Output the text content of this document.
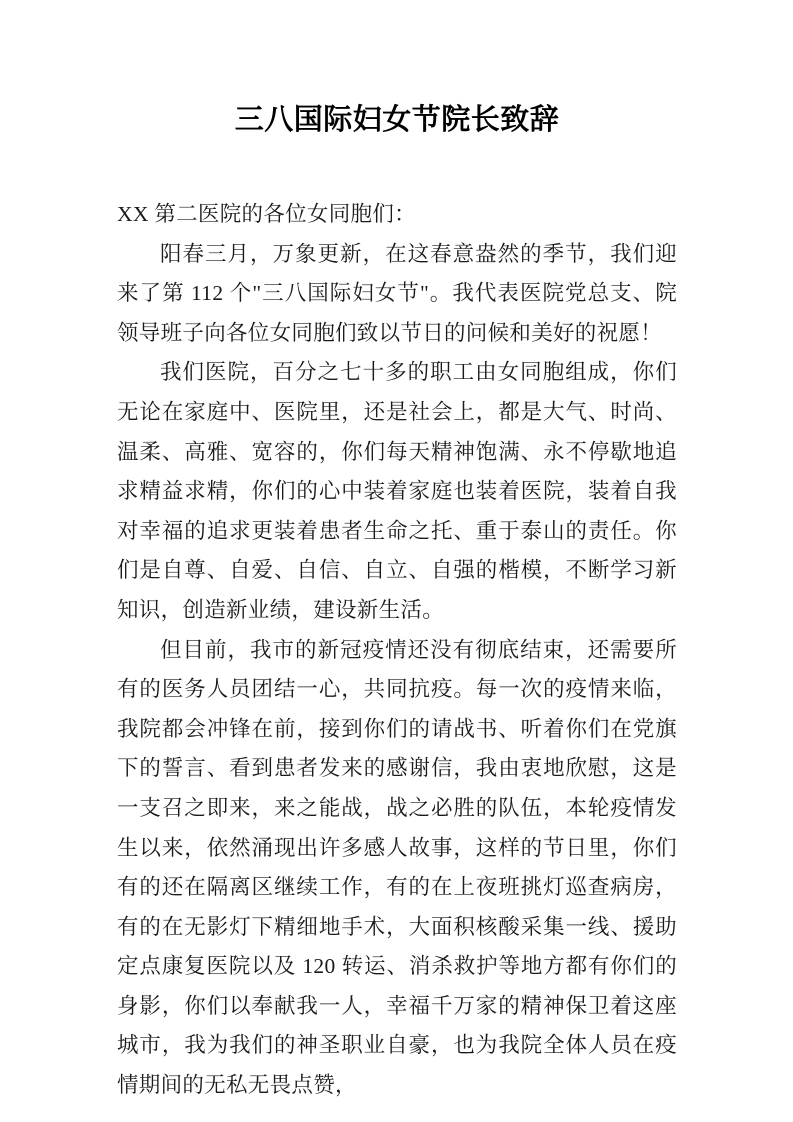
三八国际妇女节院长致辞

XX 第二医院的各位女同胞们：

阳春三月，万象更新，在这春意盎然的季节，我们迎来了第 112 个"三八国际妇女节"。我代表医院党总支、院领导班子向各位女同胞们致以节日的问候和美好的祝愿！

我们医院，百分之七十多的职工由女同胞组成，你们无论在家庭中、医院里，还是社会上，都是大气、时尚、温柔、高雅、宽容的，你们每天精神饱满、永不停歇地追求精益求精，你们的心中装着家庭也装着医院，装着自我对幸福的追求更装着患者生命之托、重于泰山的责任。你们是自尊、自爱、自信、自立、自强的楷模，不断学习新知识，创造新业绩，建设新生活。

但目前，我市的新冠疫情还没有彻底结束，还需要所有的医务人员团结一心，共同抗疫。每一次的疫情来临，我院都会冲锋在前，接到你们的请战书、听着你们在党旗下的誓言、看到患者发来的感谢信，我由衷地欣慰，这是一支召之即来，来之能战，战之必胜的队伍，本轮疫情发生以来，依然涌现出许多感人故事，这样的节日里，你们有的还在隔离区继续工作，有的在上夜班挑灯巡查病房，有的在无影灯下精细地手术，大面积核酸采集一线、援助定点康复医院以及 120 转运、消杀救护等地方都有你们的身影，你们以奉献我一人，幸福千万家的精神保卫着这座城市，我为我们的神圣职业自豪，也为我院全体人员在疫情期间的无私无畏点赞，
